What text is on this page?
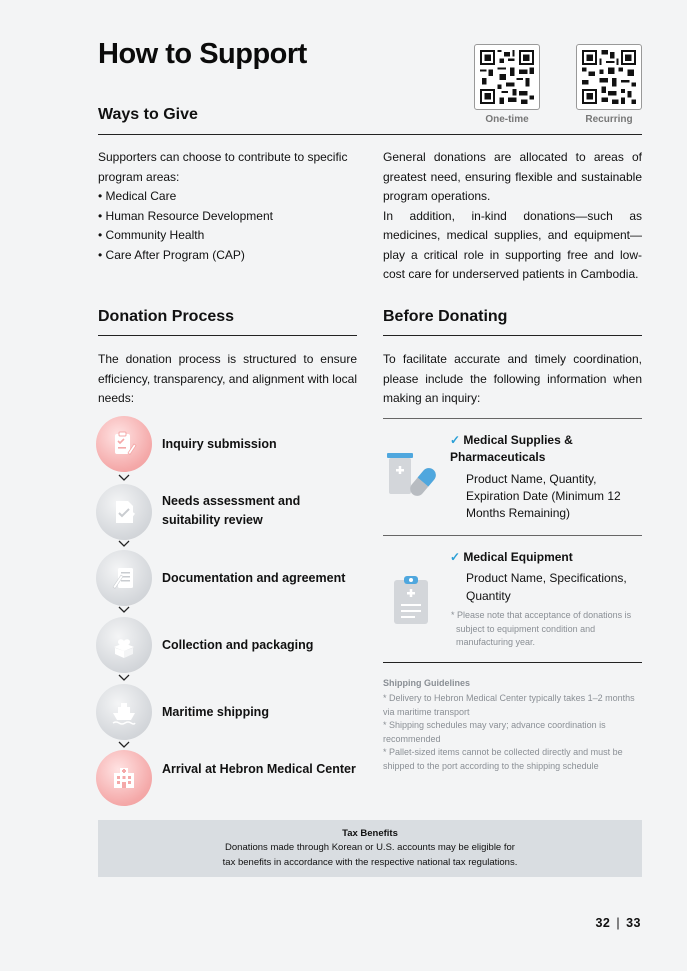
How to Support
One-time	Recurring
Ways to Give

Supporters can choose to contribute to specific program areas:

• Medical Care
• Human Resource Development
• Community Health
• Care After Program (CAP)

General donations are allocated to areas of greatest need, ensuring flexible and sustainable program operations.

In addition, in-kind donations—such as medicines, medical supplies, and equipment—play a critical role in supporting free and low-cost care for underserved patients in Cambodia.

Donation Process
The donation process is structured to ensure efficiency, transparency, and alignment with local needs:
Inquiry submission
Needs assessment and suitability review
Documentation and agreement
Collection and packaging
Maritime shipping
Arrival at Hebron Medical Center
Before Donating
To facilitate accurate and timely coordination, please include the following information when making an inquiry:
✓ Medical Supplies & Pharmaceuticals
Product Name, Quantity, Expiration Date (Minimum 12 Months Remaining)
✓ Medical Equipment
Product Name, Specifications, Quantity
* Please note that acceptance of donations is subject to equipment condition and manufacturing year.
Shipping Guidelines

* Delivery to Hebron Medical Center typically takes 1–2 months via maritime transport

* Shipping schedules may vary; advance coordination is recommended

* Pallet-sized items cannot be collected directly and must be shipped to the port according to the shipping schedule

Tax Benefits
Donations made through Korean or U.S. accounts may be eligible for
tax benefits in accordance with the respective national tax regulations.
32 | 33
